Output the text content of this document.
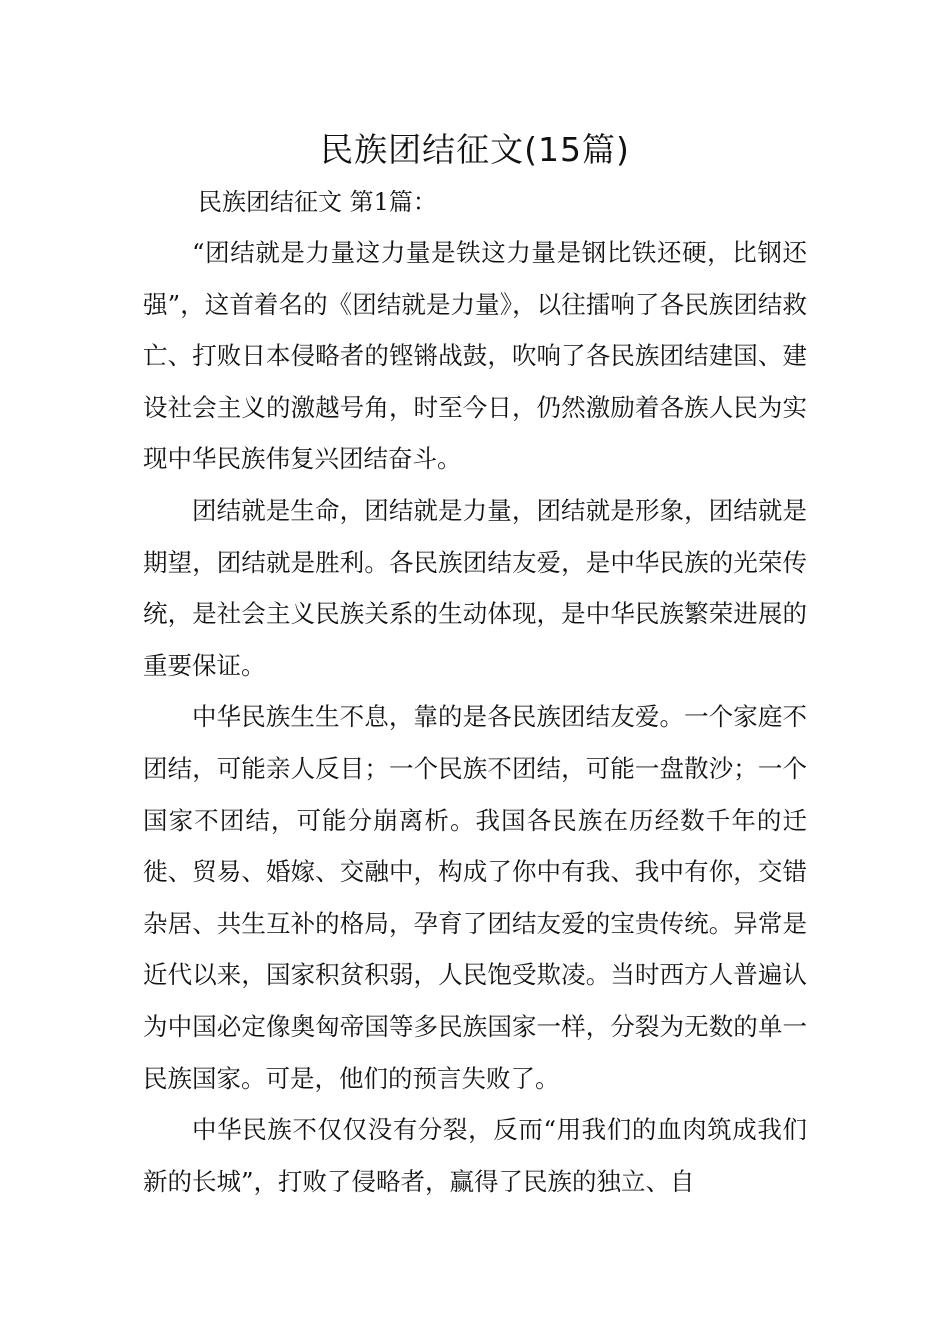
民族团结征文(15篇)
民族团结征文 第1篇：

“团结就是力量这力量是铁这力量是钢比铁还硬，比钢还强”，这首着名的《团结就是力量》，以往擂响了各民族团结救亡、打败日本侵略者的铿锵战鼓，吹响了各民族团结建国、建设社会主义的激越号角，时至今日，仍然激励着各族人民为实现中华民族伟复兴团结奋斗。

团结就是生命，团结就是力量，团结就是形象，团结就是期望，团结就是胜利。各民族团结友爱，是中华民族的光荣传统，是社会主义民族关系的生动体现，是中华民族繁荣进展的重要保证。

中华民族生生不息，靠的是各民族团结友爱。一个家庭不团结，可能亲人反目；一个民族不团结，可能一盘散沙；一个国家不团结，可能分崩离析。我国各民族在历经数千年的迁徙、贸易、婚嫁、交融中，构成了你中有我、我中有你，交错杂居、共生互补的格局，孕育了团结友爱的宝贵传统。异常是近代以来，国家积贫积弱，人民饱受欺凌。当时西方人普遍认为中国必定像奥匈帝国等多民族国家一样，分裂为无数的单一民族国家。可是，他们的预言失败了。

中华民族不仅仅没有分裂，反而“用我们的血肉筑成我们新的长城”，打败了侵略者，赢得了民族的独立、自
